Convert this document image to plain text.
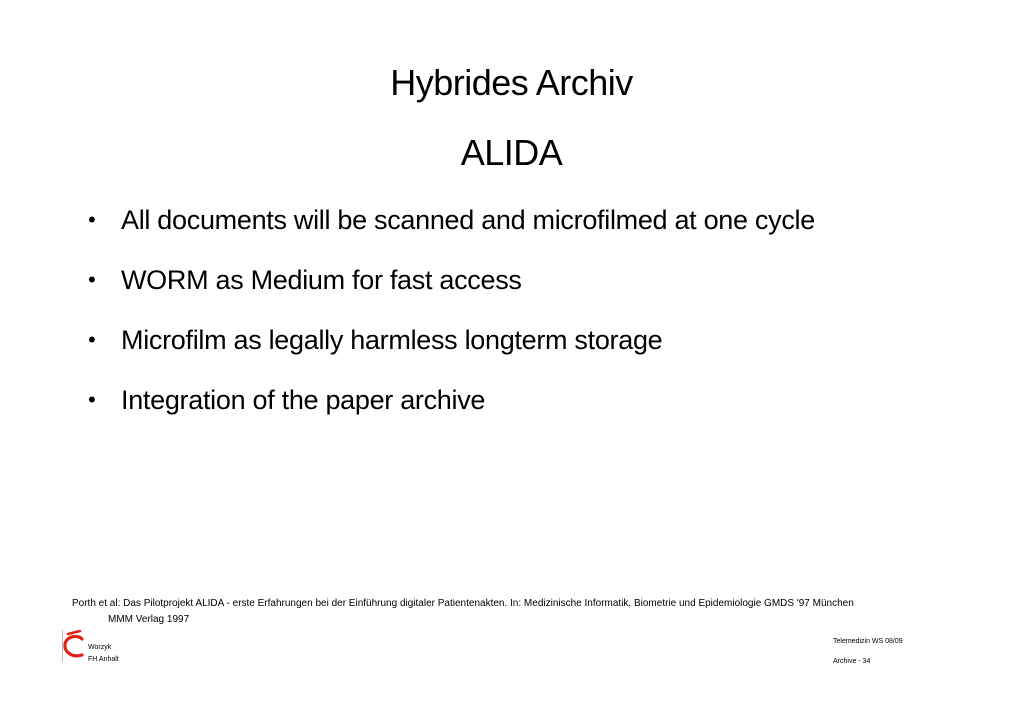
Hybrides Archiv
ALIDA
• All documents will be scanned and microfilmed at one cycle
• WORM as Medium for fast access
• Microfilm as legally harmless longterm storage
• Integration of the paper archive
Porth et al: Das Pilotprojekt ALIDA - erste Erfahrungen bei der Einführung digitaler Patientenakten. In: Medizinische Informatik, Biometrie und Epidemiologie GMDS '97 München
MMM Verlag 1997
Worzyk
FH Anhalt
Telemedizin WS 08/09
Archive - 34
